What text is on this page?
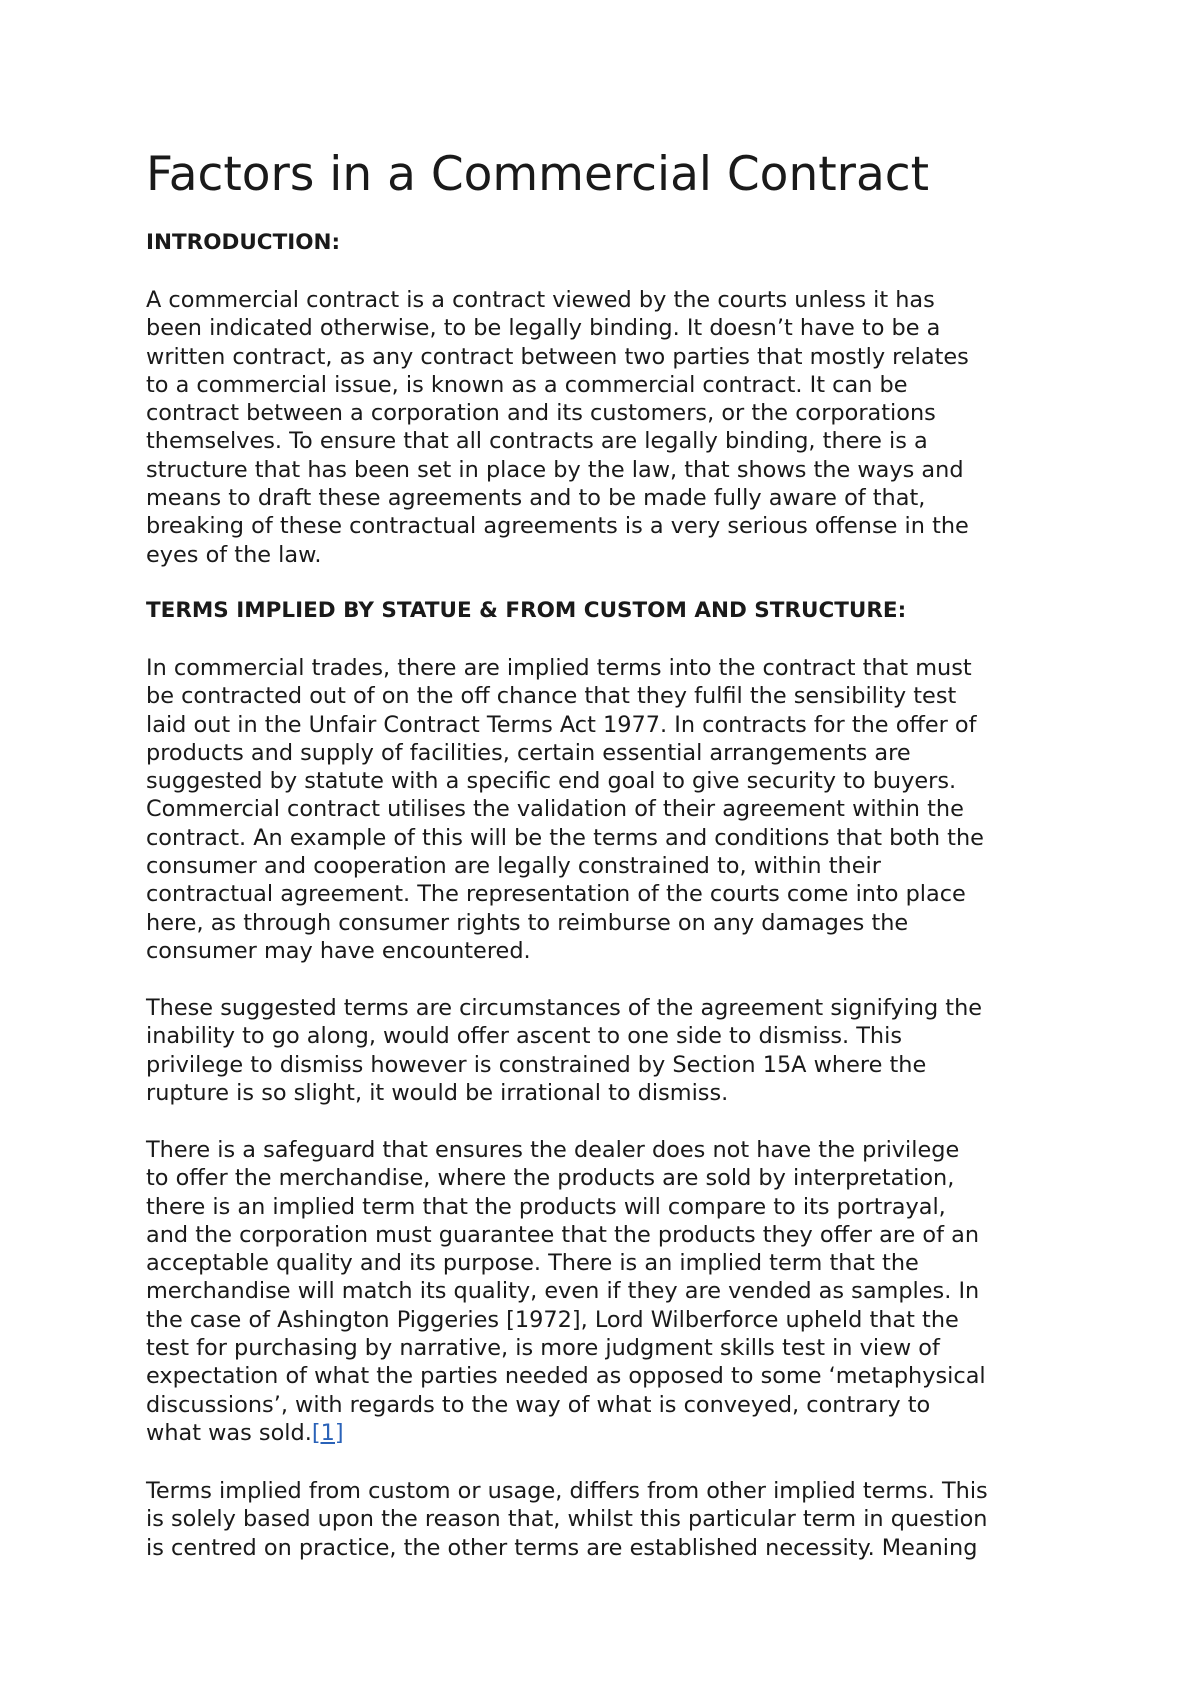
Factors in a Commercial Contract
INTRODUCTION:

A commercial contract is a contract viewed by the courts unless it has
been indicated otherwise, to be legally binding. It doesn’t have to be a
written contract, as any contract between two parties that mostly relates
to a commercial issue, is known as a commercial contract. It can be
contract between a corporation and its customers, or the corporations
themselves. To ensure that all contracts are legally binding, there is a
structure that has been set in place by the law, that shows the ways and
means to draft these agreements and to be made fully aware of that,
breaking of these contractual agreements is a very serious offense in the
eyes of the law.

TERMS IMPLIED BY STATUE & FROM CUSTOM AND STRUCTURE:

In commercial trades, there are implied terms into the contract that must
be contracted out of on the off chance that they fulfil the sensibility test
laid out in the Unfair Contract Terms Act 1977. In contracts for the offer of
products and supply of facilities, certain essential arrangements are
suggested by statute with a specific end goal to give security to buyers.
Commercial contract utilises the validation of their agreement within the
contract. An example of this will be the terms and conditions that both the
consumer and cooperation are legally constrained to, within their
contractual agreement. The representation of the courts come into place
here, as through consumer rights to reimburse on any damages the
consumer may have encountered.

These suggested terms are circumstances of the agreement signifying the
inability to go along, would offer ascent to one side to dismiss. This
privilege to dismiss however is constrained by Section 15A where the
rupture is so slight, it would be irrational to dismiss.

There is a safeguard that ensures the dealer does not have the privilege
to offer the merchandise, where the products are sold by interpretation,
there is an implied term that the products will compare to its portrayal,
and the corporation must guarantee that the products they offer are of an
acceptable quality and its purpose. There is an implied term that the
merchandise will match its quality, even if they are vended as samples. In
the case of Ashington Piggeries [1972], Lord Wilberforce upheld that the
test for purchasing by narrative, is more judgment skills test in view of
expectation of what the parties needed as opposed to some ‘metaphysical
discussions’, with regards to the way of what is conveyed, contrary to
what was sold.[1]

Terms implied from custom or usage, differs from other implied terms. This
is solely based upon the reason that, whilst this particular term in question
is centred on practice, the other terms are established necessity. Meaning
